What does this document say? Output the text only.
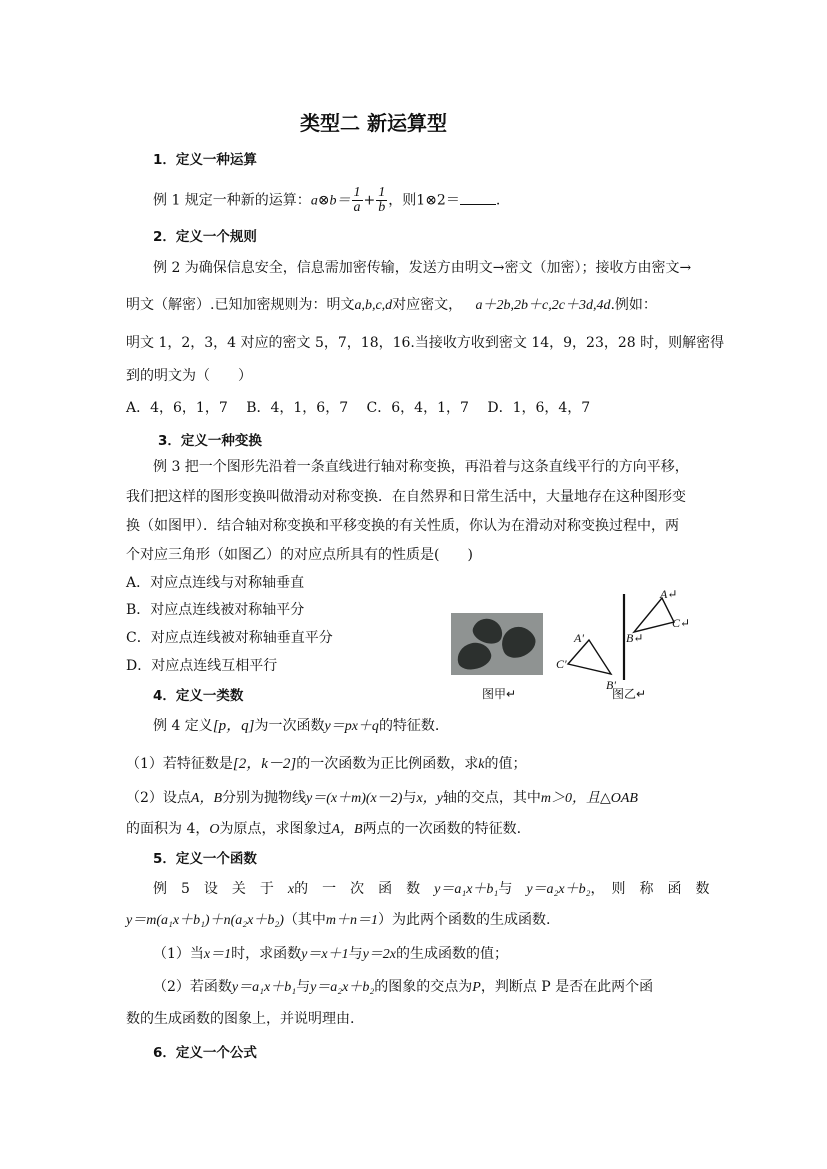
类型二 新运算型
1．定义一种运算
例 1 规定一种新的运算：a⊗b＝ $\frac{1}{a} + \frac{1}{b}$ ，则1⊗2＝	.
2．定义一个规则
例 2 为确保信息安全，信息需加密传输，发送方由明文→密文（加密）；接收方由密文→
明文（解密）.已知加密规则为：明文a,b,c,d对应密文， a＋2b,2b＋c,2c＋3d,4d.例如：
明文 1，2，3，4 对应的密文 5，7，18，16.当接收方收到密文 14，9，23，28 时，则解密得
到的明文为（　　）
A．4，6，1，7　 B．4，1，6，7　 C．6，4，1，7　 D．1，6，4，7
3．定义一种变换
例 3 把一个图形先沿着一条直线进行轴对称变换，再沿着与这条直线平行的方向平移，
我们把这样的图形变换叫做滑动对称变换．在自然界和日常生活中，大量地存在这种图形变
换（如图甲）．结合轴对称变换和平移变换的有关性质，你认为在滑动对称变换过程中，两
个对应三角形（如图乙）的对应点所具有的性质是(　　)
A．对应点连线与对称轴垂直
B．对应点连线被对称轴平分
C．对应点连线被对称轴垂直平分
D．对应点连线互相平行
图甲↵
A'
C'
B'
A↵
B↵
C↵
图乙↵
4．定义一类数
例 4 定义[p，q]为一次函数y＝px＋q的特征数.
（1）若特征数是[2，k－2]的一次函数为正比例函数，求k的值；
（2）设点A，B分别为抛物线y＝(x＋m)(x－2)与x，y轴的交点，其中m＞0，且△OAB
的面积为 4，O为原点，求图象过A，B两点的一次函数的特征数.
5．定义一个函数
例　5　设　关　于　x的　一　次　函　数　y＝a₁x＋b₁与　y＝a₂x＋b₂，　则　称　函　数
y＝m(a₁x＋b₁)＋n(a₂x＋b₂)（其中m＋n＝1）为此两个函数的生成函数.
（1）当x＝1时，求函数y＝x＋1与y＝2x的生成函数的值；
（2）若函数y＝a₁x＋b₁与y＝a₂x＋b₂的图象的交点为P，判断点 P 是否在此两个函
数的生成函数的图象上，并说明理由.
6．定义一个公式
